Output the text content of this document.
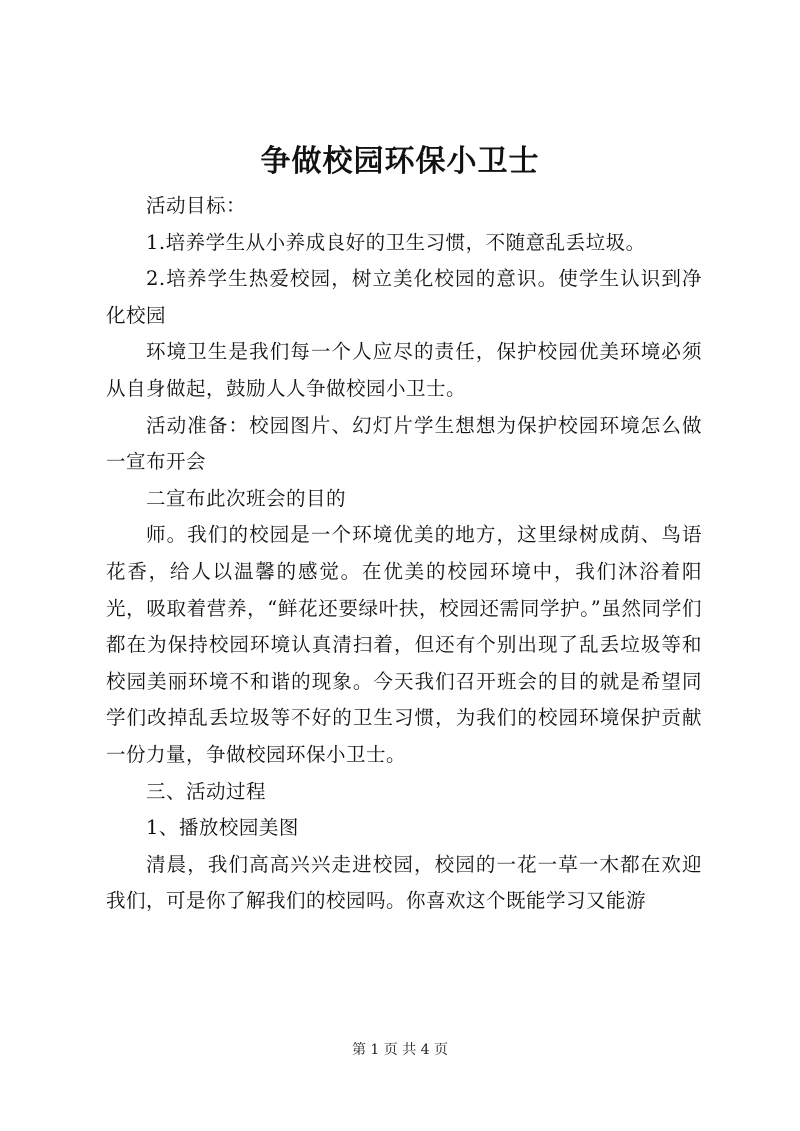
争做校园环保小卫士

活动目标：

1.培养学生从小养成良好的卫生习惯，不随意乱丢垃圾。

2.培养学生热爱校园，树立美化校园的意识。使学生认识到净化校园

环境卫生是我们每一个人应尽的责任，保护校园优美环境必须从自身做起，鼓励人人争做校园小卫士。

活动准备：校园图片、幻灯片学生想想为保护校园环境怎么做一宣布开会

二宣布此次班会的目的

师。我们的校园是一个环境优美的地方，这里绿树成荫、鸟语花香，给人以温馨的感觉。在优美的校园环境中，我们沐浴着阳光，吸取着营养，“鲜花还要绿叶扶，校园还需同学护。”虽然同学们都在为保持校园环境认真清扫着，但还有个别出现了乱丢垃圾等和校园美丽环境不和谐的现象。今天我们召开班会的目的就是希望同学们改掉乱丢垃圾等不好的卫生习惯，为我们的校园环境保护贡献一份力量，争做校园环保小卫士。

三、活动过程

1、播放校园美图

清晨，我们高高兴兴走进校园，校园的一花一草一木都在欢迎我们，可是你了解我们的校园吗。你喜欢这个既能学习又能游

第 1 页 共 4 页
